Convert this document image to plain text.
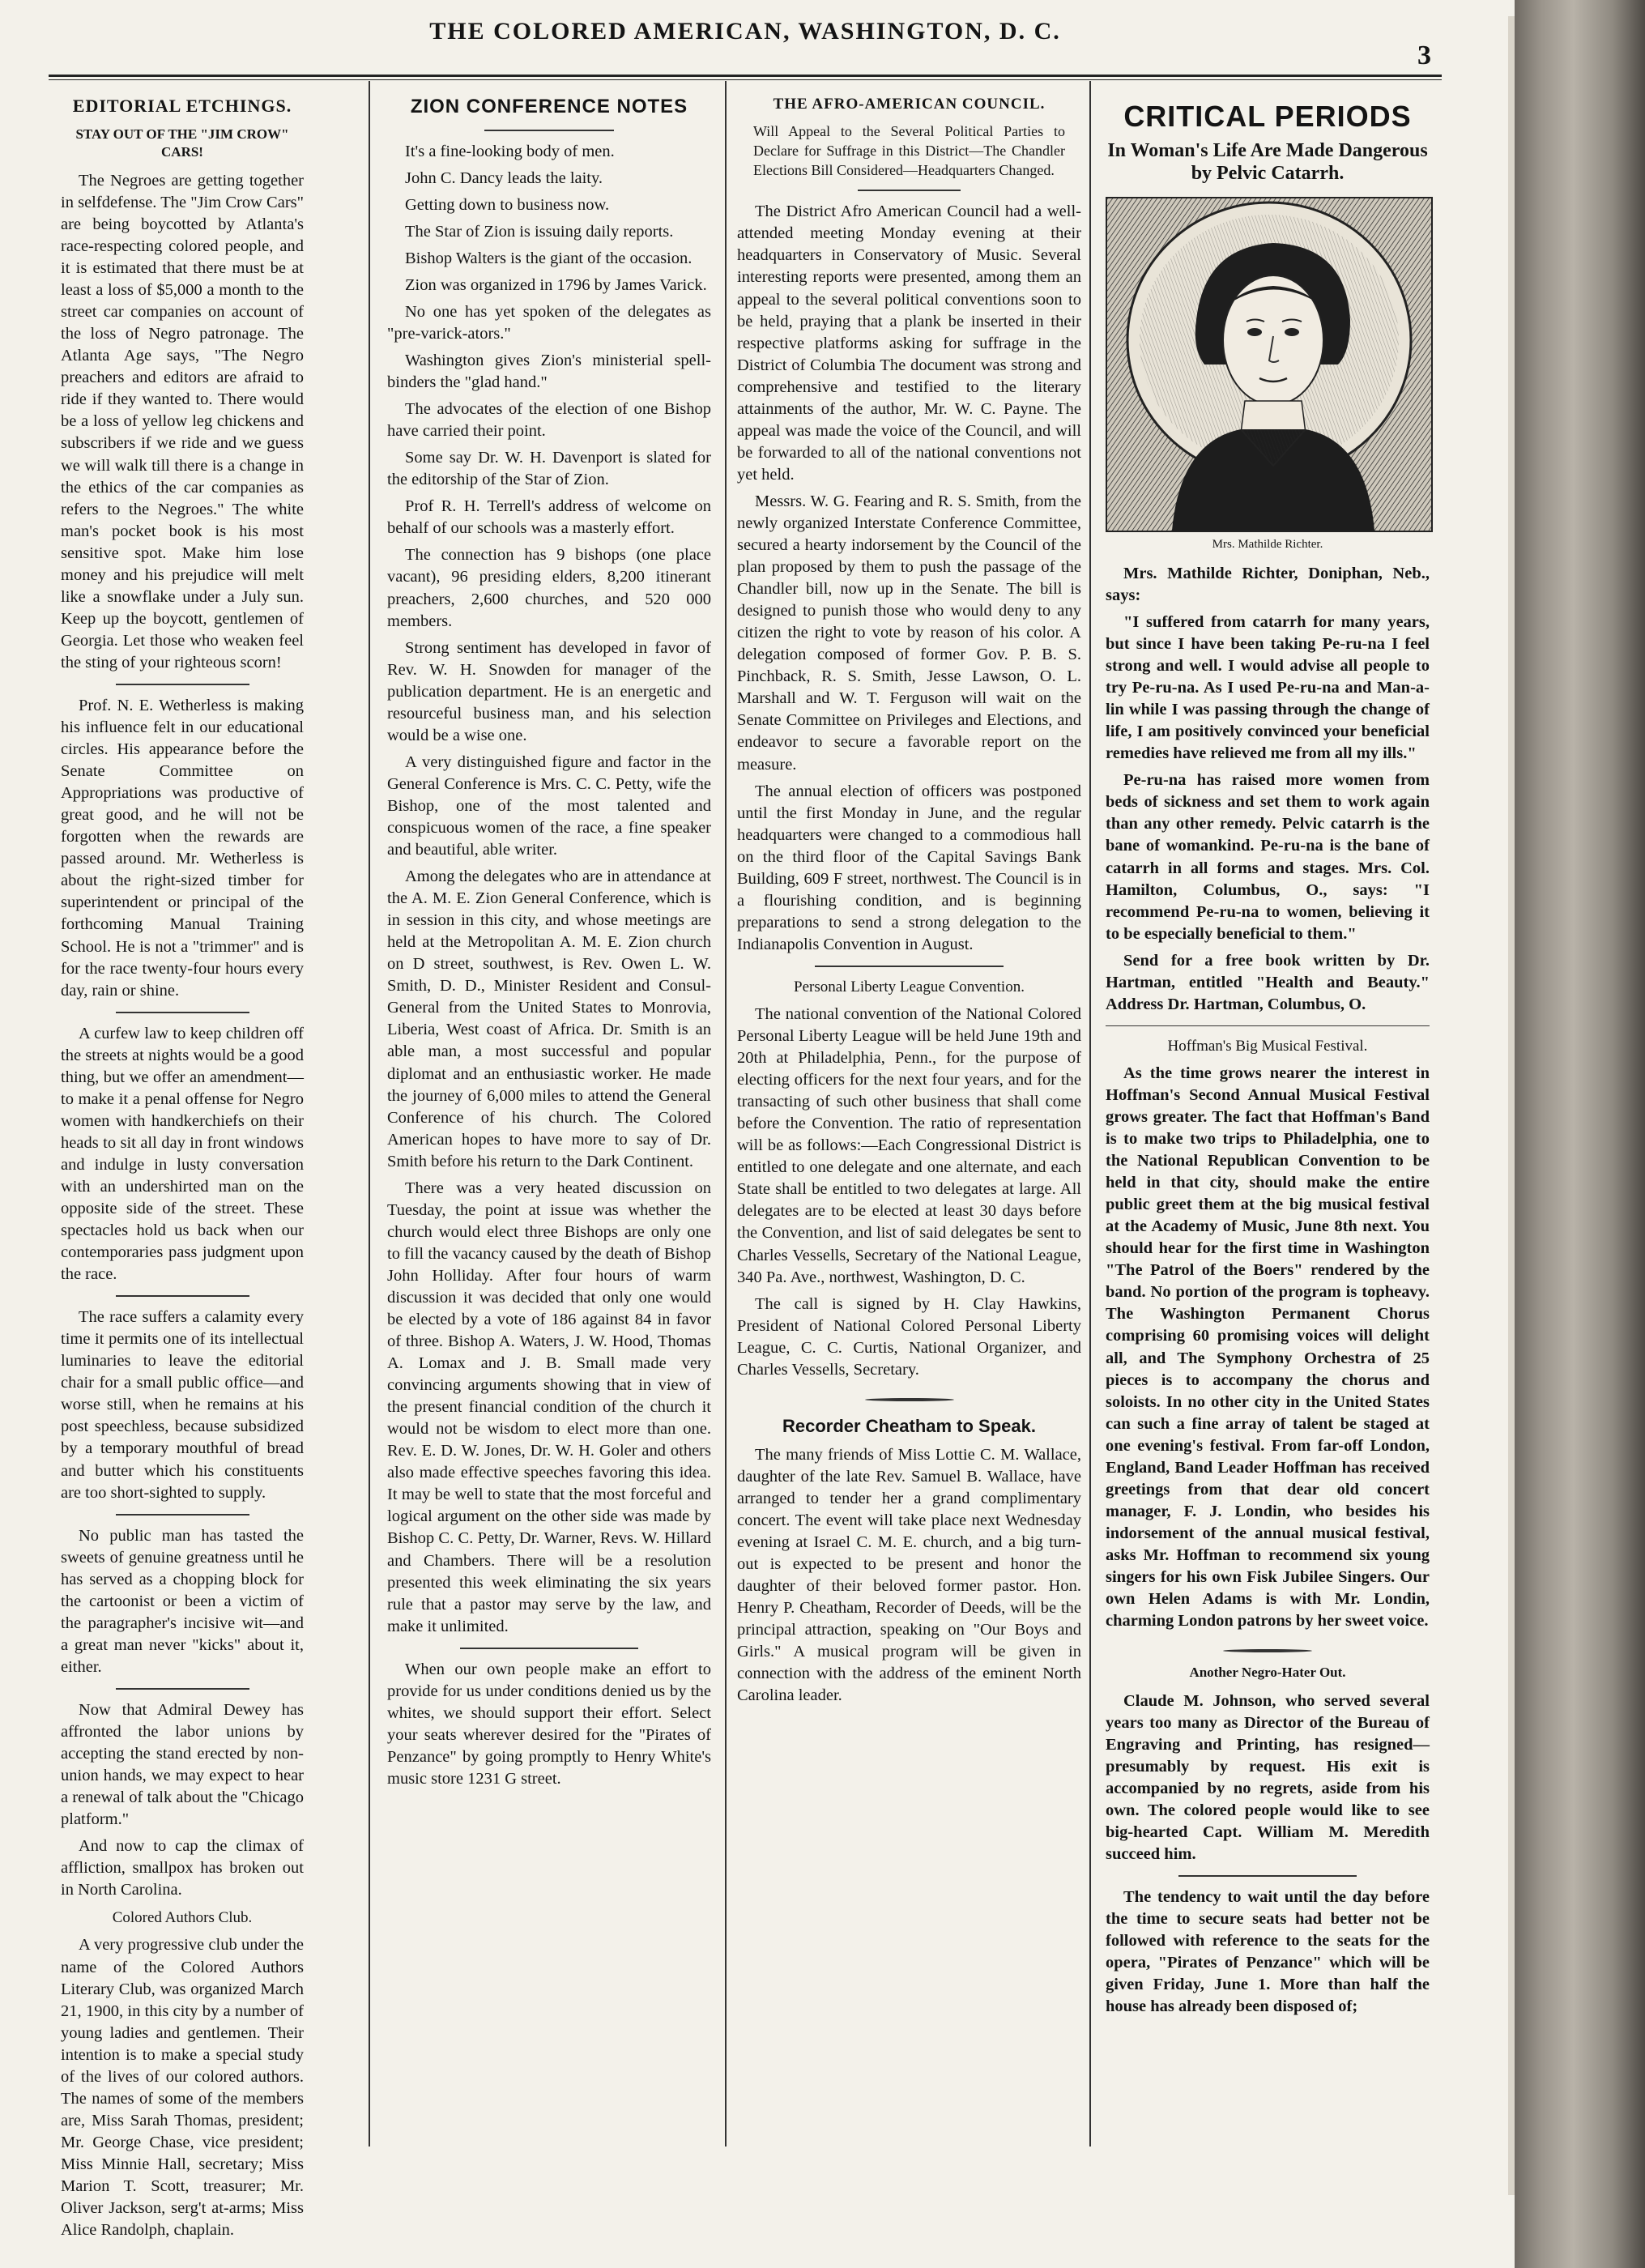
THE COLORED AMERICAN, WASHINGTON, D. C.
3
EDITORIAL ETCHINGS.
STAY OUT OF THE "JIM CROW" CARS!

The Negroes are getting together in selfdefense. The "Jim Crow Cars" are being boycotted by Atlanta's race-respecting colored people, and it is estimated that there must be at least a loss of $5,000 a month to the street car companies on account of the loss of Negro patronage. The Atlanta Age says, "The Negro preachers and editors are afraid to ride if they wanted to. There would be a loss of yellow leg chickens and subscribers if we ride and we guess we will walk till there is a change in the ethics of the car companies as refers to the Negroes." The white man's pocket book is his most sensitive spot. Make him lose money and his prejudice will melt like a snowflake under a July sun. Keep up the boycott, gentlemen of Georgia. Let those who weaken feel the sting of your righteous scorn!

Prof. N. E. Wetherless is making his influence felt in our educational circles. His appearance before the Senate Committee on Appropriations was productive of great good, and he will not be forgotten when the rewards are passed around. Mr. Wetherless is about the right-sized timber for superintendent or principal of the forthcoming Manual Training School. He is not a "trimmer" and is for the race twenty-four hours every day, rain or shine.

A curfew law to keep children off the streets at nights would be a good thing, but we offer an amendment—to make it a penal offense for Negro women with handkerchiefs on their heads to sit all day in front windows and indulge in lusty conversation with an undershirted man on the opposite side of the street. These spectacles hold us back when our contemporaries pass judgment upon the race.

The race suffers a calamity every time it permits one of its intellectual luminaries to leave the editorial chair for a small public office—and worse still, when he remains at his post speechless, because subsidized by a temporary mouthful of bread and butter which his constituents are too short-sighted to supply.

No public man has tasted the sweets of genuine greatness until he has served as a chopping block for the cartoonist or been a victim of the paragrapher's incisive wit—and a great man never "kicks" about it, either.

Now that Admiral Dewey has affronted the labor unions by accepting the stand erected by non-union hands, we may expect to hear a renewal of talk about the "Chicago platform."

And now to cap the climax of affliction, smallpox has broken out in North Carolina.

Colored Authors Club.

A very progressive club under the name of the Colored Authors Literary Club, was organized March 21, 1900, in this city by a number of young ladies and gentlemen. Their intention is to make a special study of the lives of our colored authors. The names of some of the members are, Miss Sarah Thomas, president; Mr. George Chase, vice president; Miss Minnie Hall, secretary; Miss Marion T. Scott, treasurer; Mr. Oliver Jackson, serg't at-arms; Miss Alice Randolph, chaplain.

ZION CONFERENCE NOTES

It's a fine-looking body of men.

John C. Dancy leads the laity.

Getting down to business now.

The Star of Zion is issuing daily reports.

Bishop Walters is the giant of the occasion.

Zion was organized in 1796 by James Varick.

No one has yet spoken of the delegates as "pre-varick-ators."

Washington gives Zion's ministerial spell-binders the "glad hand."

The advocates of the election of one Bishop have carried their point.

Some say Dr. W. H. Davenport is slated for the editorship of the Star of Zion.

Prof R. H. Terrell's address of welcome on behalf of our schools was a masterly effort.

The connection has 9 bishops (one place vacant), 96 presiding elders, 8,200 itinerant preachers, 2,600 churches, and 520 000 members.

Strong sentiment has developed in favor of Rev. W. H. Snowden for manager of the publication department. He is an energetic and resourceful business man, and his selection would be a wise one.

A very distinguished figure and factor in the General Conference is Mrs. C. C. Petty, wife the Bishop, one of the most talented and conspicuous women of the race, a fine speaker and beautiful, able writer.

Among the delegates who are in attendance at the A. M. E. Zion General Conference, which is in session in this city, and whose meetings are held at the Metropolitan A. M. E. Zion church on D street, southwest, is Rev. Owen L. W. Smith, D. D., Minister Resident and Consul-General from the United States to Monrovia, Liberia, West coast of Africa. Dr. Smith is an able man, a most successful and popular diplomat and an enthusiastic worker. He made the journey of 6,000 miles to attend the General Conference of his church. The Colored American hopes to have more to say of Dr. Smith before his return to the Dark Continent.

There was a very heated discussion on Tuesday, the point at issue was whether the church would elect three Bishops are only one to fill the vacancy caused by the death of Bishop John Holliday. After four hours of warm discussion it was decided that only one would be elected by a vote of 186 against 84 in favor of three. Bishop A. Waters, J. W. Hood, Thomas A. Lomax and J. B. Small made very convincing arguments showing that in view of the present financial condition of the church it would not be wisdom to elect more than one. Rev. E. D. W. Jones, Dr. W. H. Goler and others also made effective speeches favoring this idea. It may be well to state that the most forceful and logical argument on the other side was made by Bishop C. C. Petty, Dr. Warner, Revs. W. Hillard and Chambers. There will be a resolution presented this week eliminating the six years rule that a pastor may serve by the law, and make it unlimited.

When our own people make an effort to provide for us under conditions denied us by the whites, we should support their effort. Select your seats wherever desired for the "Pirates of Penzance" by going promptly to Henry White's music store 1231 G street.

THE AFRO-AMERICAN COUNCIL.

Will Appeal to the Several Political Parties to Declare for Suffrage in this District—The Chandler Elections Bill Considered—Headquarters Changed.

The District Afro American Council had a well-attended meeting Monday evening at their headquarters in Conservatory of Music. Several interesting reports were presented, among them an appeal to the several political conventions soon to be held, praying that a plank be inserted in their respective platforms asking for suffrage in the District of Columbia The document was strong and comprehensive and testified to the literary attainments of the author, Mr. W. C. Payne. The appeal was made the voice of the Council, and will be forwarded to all of the national conventions not yet held.

Messrs. W. G. Fearing and R. S. Smith, from the newly organized Interstate Conference Committee, secured a hearty indorsement by the Council of the plan proposed by them to push the passage of the Chandler bill, now up in the Senate. The bill is designed to punish those who would deny to any citizen the right to vote by reason of his color. A delegation composed of former Gov. P. B. S. Pinchback, R. S. Smith, Jesse Lawson, O. L. Marshall and W. T. Ferguson will wait on the Senate Committee on Privileges and Elections, and endeavor to secure a favorable report on the measure.

The annual election of officers was postponed until the first Monday in June, and the regular headquarters were changed to a commodious hall on the third floor of the Capital Savings Bank Building, 609 F street, northwest. The Council is in a flourishing condition, and is beginning preparations to send a strong delegation to the Indianapolis Convention in August.

Personal Liberty League Convention.

The national convention of the National Colored Personal Liberty League will be held June 19th and 20th at Philadelphia, Penn., for the purpose of electing officers for the next four years, and for the transacting of such other business that shall come before the Convention. The ratio of representation will be as follows:—Each Congressional District is entitled to one delegate and one alternate, and each State shall be entitled to two delegates at large. All delegates are to be elected at least 30 days before the Convention, and list of said delegates be sent to Charles Vessells, Secretary of the National League, 340 Pa. Ave., northwest, Washington, D. C.

The call is signed by H. Clay Hawkins, President of National Colored Personal Liberty League, C. C. Curtis, National Organizer, and Charles Vessells, Secretary.

Recorder Cheatham to Speak.

The many friends of Miss Lottie C. M. Wallace, daughter of the late Rev. Samuel B. Wallace, have arranged to tender her a grand complimentary concert. The event will take place next Wednesday evening at Israel C. M. E. church, and a big turn-out is expected to be present and honor the daughter of their beloved former pastor. Hon. Henry P. Cheatham, Recorder of Deeds, will be the principal attraction, speaking on "Our Boys and Girls." A musical program will be given in connection with the address of the eminent North Carolina leader.

CRITICAL PERIODS
In Woman's Life Are Made Dangerous by Pelvic Catarrh.
Mrs. Mathilde Richter.

Mrs. Mathilde Richter, Doniphan, Neb., says:

"I suffered from catarrh for many years, but since I have been taking Pe-ru-na I feel strong and well. I would advise all people to try Pe-ru-na. As I used Pe-ru-na and Man-a-lin while I was passing through the change of life, I am positively convinced your beneficial remedies have relieved me from all my ills."

Pe-ru-na has raised more women from beds of sickness and set them to work again than any other remedy. Pelvic catarrh is the bane of womankind. Pe-ru-na is the bane of catarrh in all forms and stages. Mrs. Col. Hamilton, Columbus, O., says: "I recommend Pe-ru-na to women, believing it to be especially beneficial to them."

Send for a free book written by Dr. Hartman, entitled "Health and Beauty." Address Dr. Hartman, Columbus, O.

Hoffman's Big Musical Festival.

As the time grows nearer the interest in Hoffman's Second Annual Musical Festival grows greater. The fact that Hoffman's Band is to make two trips to Philadelphia, one to the National Republican Convention to be held in that city, should make the entire public greet them at the big musical festival at the Academy of Music, June 8th next. You should hear for the first time in Washington "The Patrol of the Boers" rendered by the band. No portion of the program is topheavy. The Washington Permanent Chorus comprising 60 promising voices will delight all, and The Symphony Orchestra of 25 pieces is to accompany the chorus and soloists. In no other city in the United States can such a fine array of talent be staged at one evening's festival. From far-off London, England, Band Leader Hoffman has received greetings from that dear old concert manager, F. J. Londin, who besides his indorsement of the annual musical festival, asks Mr. Hoffman to recommend six young singers for his own Fisk Jubilee Singers. Our own Helen Adams is with Mr. Londin, charming London patrons by her sweet voice.

Another Negro-Hater Out.

Claude M. Johnson, who served several years too many as Director of the Bureau of Engraving and Printing, has resigned—presumably by request. His exit is accompanied by no regrets, aside from his own. The colored people would like to see big-hearted Capt. William M. Meredith succeed him.

The tendency to wait until the day before the time to secure seats had better not be followed with reference to the seats for the opera, "Pirates of Penzance" which will be given Friday, June 1. More than half the house has already been disposed of;
